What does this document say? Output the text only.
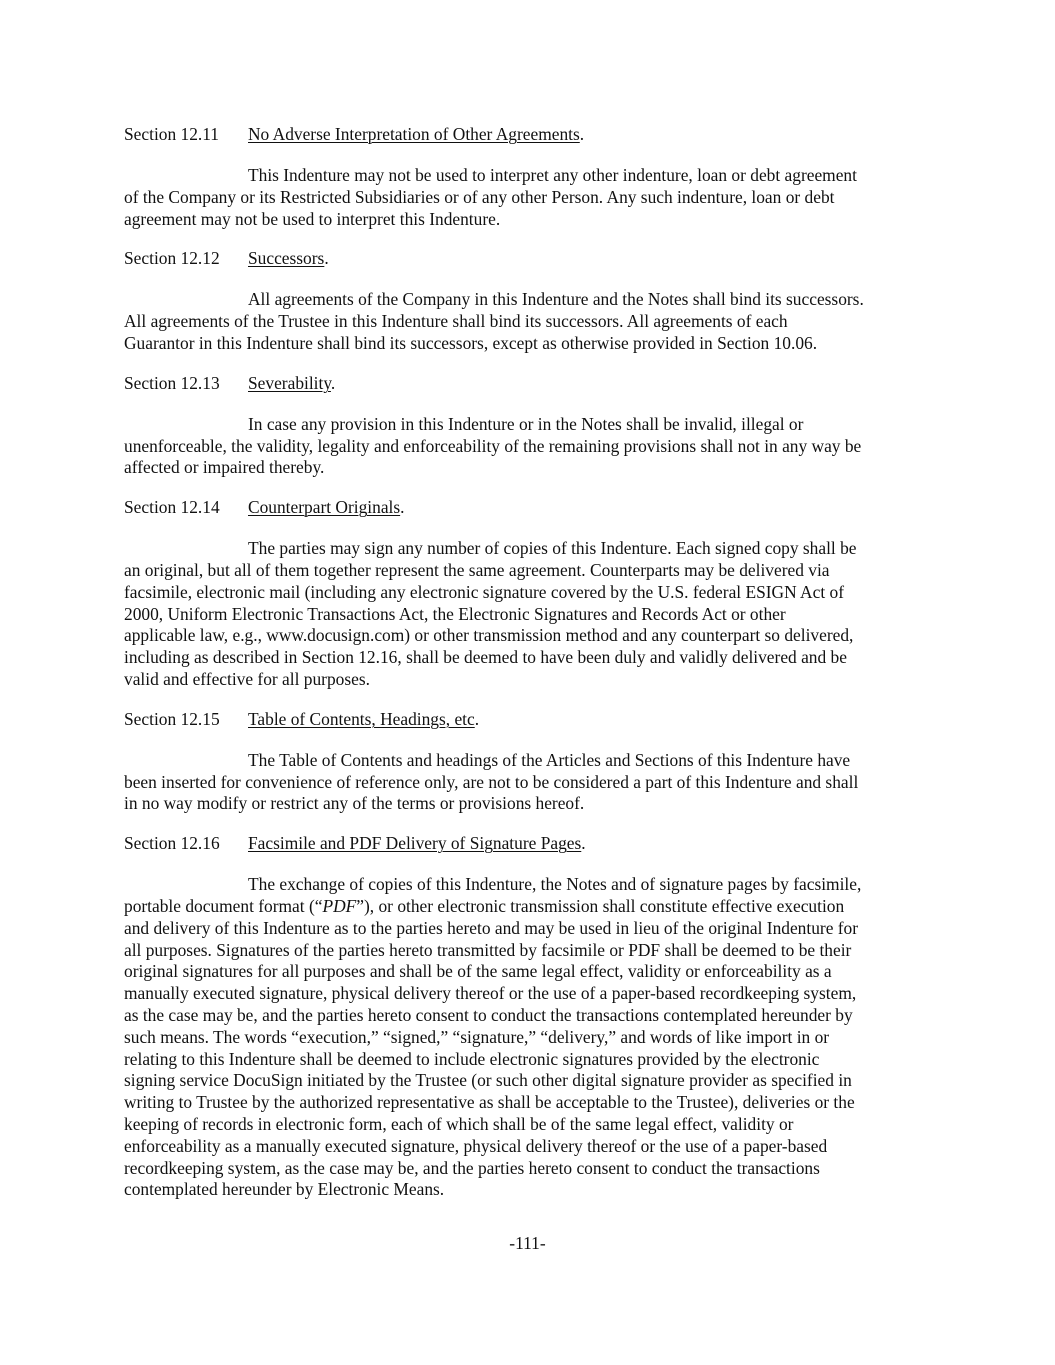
Section 12.11 No Adverse Interpretation of Other Agreements.
This Indenture may not be used to interpret any other indenture, loan or debt agreement
of the Company or its Restricted Subsidiaries or of any other Person. Any such indenture, loan or debt
agreement may not be used to interpret this Indenture.
Section 12.12 Successors.
All agreements of the Company in this Indenture and the Notes shall bind its successors.
All agreements of the Trustee in this Indenture shall bind its successors. All agreements of each
Guarantor in this Indenture shall bind its successors, except as otherwise provided in Section 10.06.
Section 12.13 Severability.
In case any provision in this Indenture or in the Notes shall be invalid, illegal or
unenforceable, the validity, legality and enforceability of the remaining provisions shall not in any way be
affected or impaired thereby.
Section 12.14 Counterpart Originals.
The parties may sign any number of copies of this Indenture. Each signed copy shall be
an original, but all of them together represent the same agreement. Counterparts may be delivered via
facsimile, electronic mail (including any electronic signature covered by the U.S. federal ESIGN Act of
2000, Uniform Electronic Transactions Act, the Electronic Signatures and Records Act or other
applicable law, e.g., www.docusign.com) or other transmission method and any counterpart so delivered,
including as described in Section 12.16, shall be deemed to have been duly and validly delivered and be
valid and effective for all purposes.
Section 12.15 Table of Contents, Headings, etc.
The Table of Contents and headings of the Articles and Sections of this Indenture have
been inserted for convenience of reference only, are not to be considered a part of this Indenture and shall
in no way modify or restrict any of the terms or provisions hereof.
Section 12.16 Facsimile and PDF Delivery of Signature Pages.
The exchange of copies of this Indenture, the Notes and of signature pages by facsimile,
portable document format (“PDF”), or other electronic transmission shall constitute effective execution
and delivery of this Indenture as to the parties hereto and may be used in lieu of the original Indenture for
all purposes. Signatures of the parties hereto transmitted by facsimile or PDF shall be deemed to be their
original signatures for all purposes and shall be of the same legal effect, validity or enforceability as a
manually executed signature, physical delivery thereof or the use of a paper-based recordkeeping system,
as the case may be, and the parties hereto consent to conduct the transactions contemplated hereunder by
such means. The words “execution,” “signed,” “signature,” “delivery,” and words of like import in or
relating to this Indenture shall be deemed to include electronic signatures provided by the electronic
signing service DocuSign initiated by the Trustee (or such other digital signature provider as specified in
writing to Trustee by the authorized representative as shall be acceptable to the Trustee), deliveries or the
keeping of records in electronic form, each of which shall be of the same legal effect, validity or
enforceability as a manually executed signature, physical delivery thereof or the use of a paper-based
recordkeeping system, as the case may be, and the parties hereto consent to conduct the transactions
contemplated hereunder by Electronic Means.
-111-
